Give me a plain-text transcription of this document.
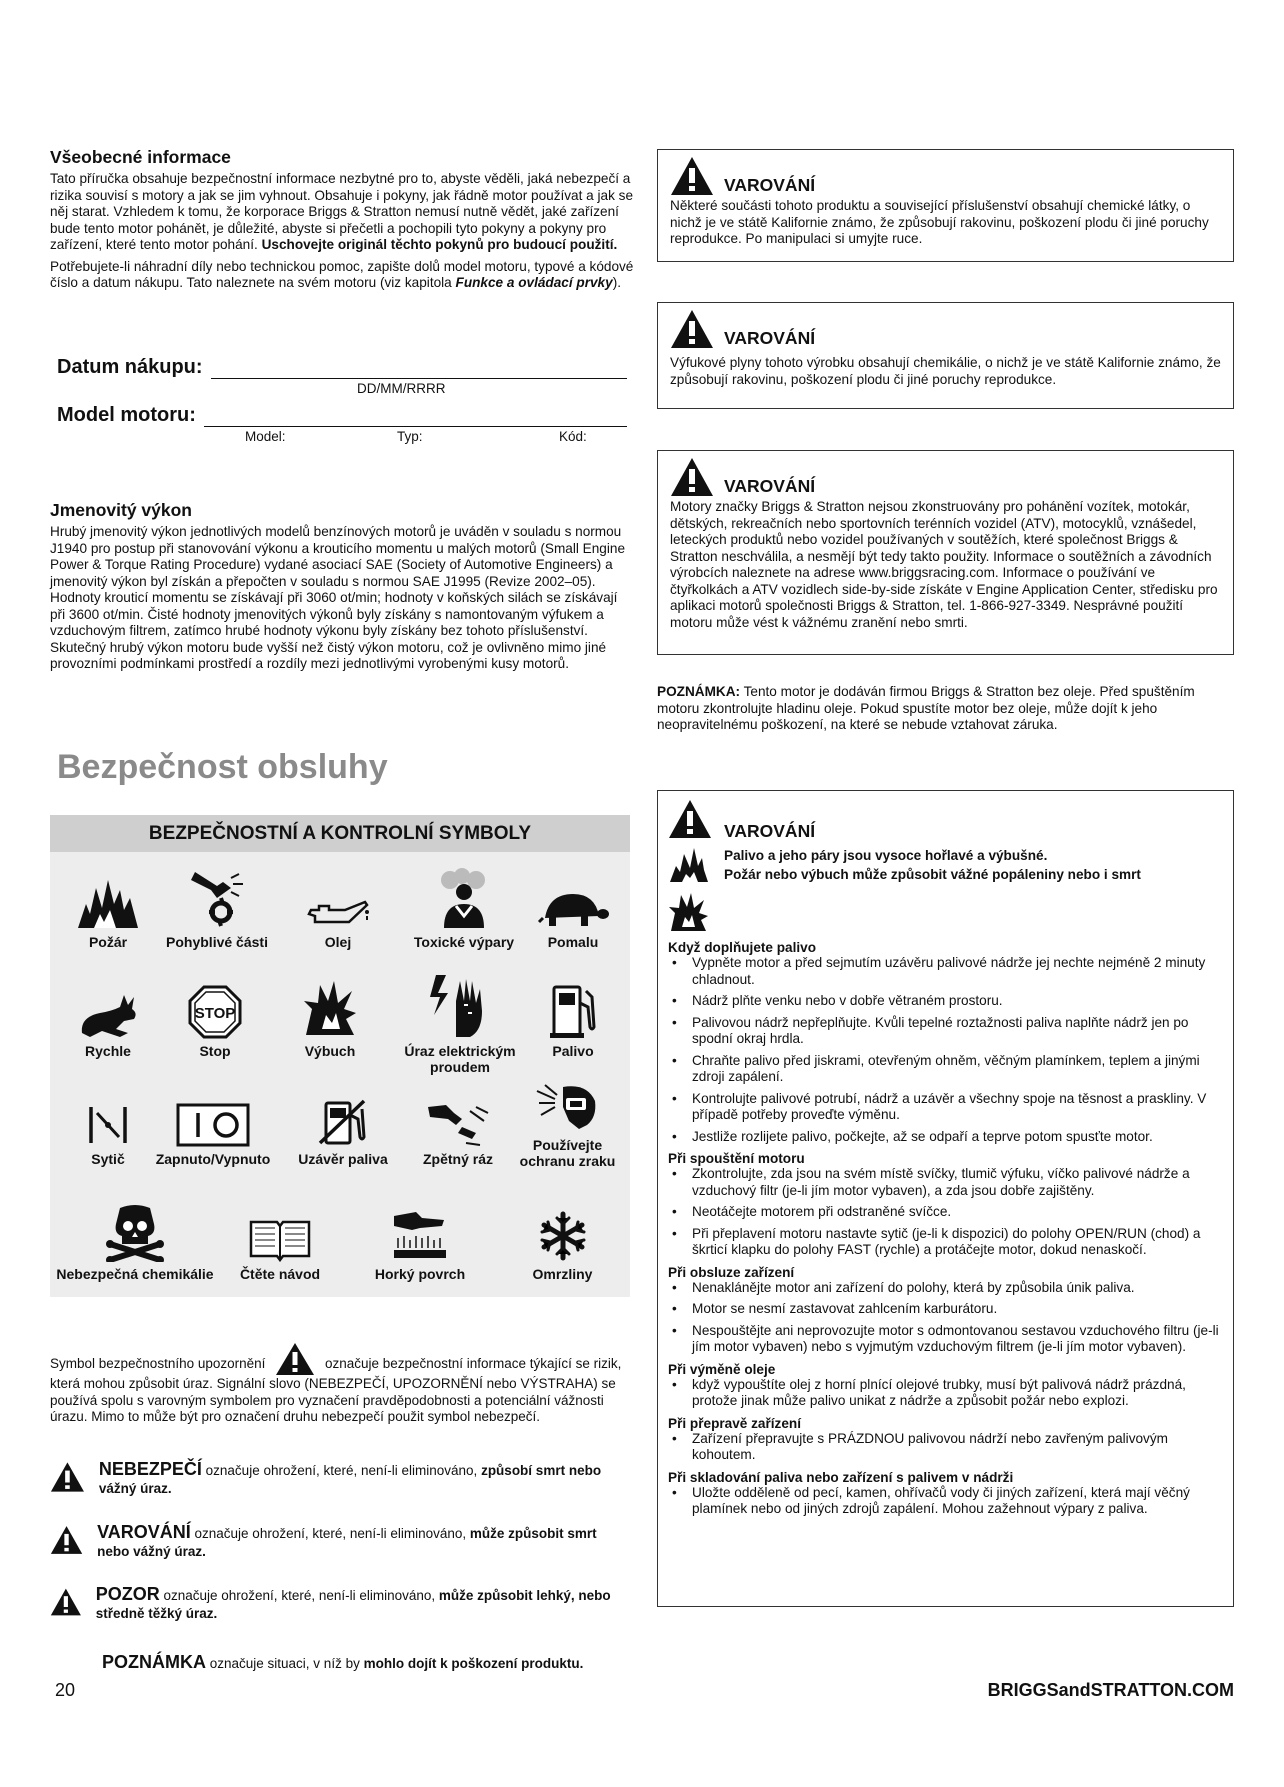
Všeobecné informace

Tato příručka obsahuje bezpečnostní informace nezbytné pro to, abyste věděli, jaká nebezpečí a rizika souvisí s motory a jak se jim vyhnout. Obsahuje i pokyny, jak řádně motor používat a jak se něj starat. Vzhledem k tomu, že korporace Briggs & Stratton nemusí nutně vědět, jaké zařízení bude tento motor pohánět, je důležité, abyste si přečetli a pochopili tyto pokyny a pokyny pro zařízení, které tento motor pohání. Uschovejte originál těchto pokynů pro budoucí použití.

Potřebujete-li náhradní díly nebo technickou pomoc, zapište dolů model motoru, typové a kódové číslo a datum nákupu. Tato naleznete na svém motoru (viz kapitola Funkce a ovládací prvky).

Datum nákupu:
DD/MM/RRRR
Model motoru:
Model:	Typ:	Kód:
Jmenovitý výkon

Hrubý jmenovitý výkon jednotlivých modelů benzínových motorů je uváděn v souladu s normou J1940 pro postup při stanovování výkonu a krouticího momentu u malých motorů (Small Engine Power & Torque Rating Procedure) vydané asociací SAE (Society of Automotive Engineers) a jmenovitý výkon byl získán a přepočten v souladu s normou SAE J1995 (Revize 2002–05). Hodnoty krouticí momentu se získávají při 3060 ot/min; hodnoty v koňských silách se získávají při 3600 ot/min. Čisté hodnoty jmenovitých výkonů byly získány s namontovaným výfukem a vzduchovým filtrem, zatímco hrubé hodnoty výkonu byly získány bez tohoto příslušenství. Skutečný hrubý výkon motoru bude vyšší než čistý výkon motoru, což je ovlivněno mimo jiné provozními podmínkami prostředí a rozdíly mezi jednotlivými vyrobenými kusy motorů.

Bezpečnost obsluhy
BEZPEČNOSTNÍ A KONTROLNÍ SYMBOLY
Požár	Pohyblivé části	Olej	Toxické výpary	Pomalu
Rychle
STOP
Stop	Výbuch	Úraz elektrickým proudem
Palivo
Sytič	Zapnuto/Vypnuto	Uzávěr paliva	Zpětný ráz
Používejte ochranu zraku
Nebezpečná chemikálie	Čtěte návod	Horký povrch	Omrzliny
Symbol bezpečnostního upozornění	označuje bezpečnostní informace týkající se rizik, která mohou způsobit úraz. Signální slovo (NEBEZPEČÍ, UPOZORNĚNÍ nebo VÝSTRAHA) se používá spolu s varovným symbolem pro vyznačení pravděpodobnosti a potenciální vážnosti úrazu. Mimo to může být pro označení druhu nebezpečí použit symbol nebezpečí.
NEBEZPEČÍ označuje ohrožení, které, není-li eliminováno, způsobí smrt nebo vážný úraz.
VAROVÁNÍ označuje ohrožení, které, není-li eliminováno, může způsobit smrt nebo vážný úraz.
POZOR označuje ohrožení, které, není-li eliminováno, může způsobit lehký, nebo středně těžký úraz.
POZNÁMKA označuje situaci, v níž by mohlo dojít k poškození produktu.
VAROVÁNÍ
Některé součásti tohoto produktu a související příslušenství obsahují chemické látky, o nichž je ve státě Kalifornie známo, že způsobují rakovinu, poškození plodu či jiné poruchy reprodukce. Po manipulaci si umyjte ruce.
VAROVÁNÍ
Výfukové plyny tohoto výrobku obsahují chemikálie, o nichž je ve státě Kalifornie známo, že způsobují rakovinu, poškození plodu či jiné poruchy reprodukce.
VAROVÁNÍ
Motory značky Briggs & Stratton nejsou zkonstruovány pro pohánění vozítek, motokár, dětských, rekreačních nebo sportovních terénních vozidel (ATV), motocyklů, vznášedel, leteckých produktů nebo vozidel používaných v soutěžích, které společnost Briggs & Stratton neschválila, a nesmějí být tedy takto použity. Informace o soutěžních a závodních výrobcích naleznete na adrese www.briggsracing.com. Informace o používání ve čtyřkolkách a ATV vozidlech side-by-side získáte v Engine Application Center, středisku pro aplikaci motorů společnosti Briggs & Stratton, tel. 1-866-927-3349. Nesprávné použití motoru může vést k vážnému zranění nebo smrti.
POZNÁMKA: Tento motor je dodáván firmou Briggs & Stratton bez oleje. Před spuštěním motoru zkontrolujte hladinu oleje. Pokud spustíte motor bez oleje, může dojít k jeho neopravitelnému poškození, na které se nebude vztahovat záruka.

VAROVÁNÍ
Palivo a jeho páry jsou vysoce hořlavé a výbušné.
Požár nebo výbuch může způsobit vážné popáleniny nebo i smrt
Když doplňujete palivo
• Vypněte motor a před sejmutím uzávěru palivové nádrže jej nechte nejméně 2 minuty chladnout.
• Nádrž plňte venku nebo v dobře větraném prostoru.
• Palivovou nádrž nepřeplňujte. Kvůli tepelné roztažnosti paliva naplňte nádrž jen po spodní okraj hrdla.
• Chraňte palivo před jiskrami, otevřeným ohněm, věčným plamínkem, teplem a jinými zdroji zapálení.
• Kontrolujte palivové potrubí, nádrž a uzávěr a všechny spoje na těsnost a praskliny. V případě potřeby proveďte výměnu.
• Jestliže rozlijete palivo, počkejte, až se odpaří a teprve potom spusťte motor.
Při spouštění motoru
• Zkontrolujte, zda jsou na svém místě svíčky, tlumič výfuku, víčko palivové nádrže a vzduchový filtr (je-li jím motor vybaven), a zda jsou dobře zajištěny.
• Neotáčejte motorem při odstraněné svíčce.
• Při přeplavení motoru nastavte sytič (je-li k dispozici) do polohy OPEN/RUN (chod) a škrticí klapku do polohy FAST (rychle) a protáčejte motor, dokud nenaskočí.
Při obsluze zařízení
• Nenaklánějte motor ani zařízení do polohy, která by způsobila únik paliva.
• Motor se nesmí zastavovat zahlcením karburátoru.
• Nespouštějte ani neprovozujte motor s odmontovanou sestavou vzduchového filtru (je-li jím motor vybaven) nebo s vyjmutým vzduchovým filtrem (je-li jím motor vybaven).
Při výměně oleje
• když vypouštíte olej z horní plnící olejové trubky, musí být palivová nádrž prázdná, protože jinak může palivo unikat z nádrže a způsobit požár nebo explozi.
Při přepravě zařízení
• Zařízení přepravujte s PRÁZDNOU palivovou nádrží nebo zavřeným palivovým kohoutem.
Při skladování paliva nebo zařízení s palivem v nádrži
• Uložte odděleně od pecí, kamen, ohřívačů vody či jiných zařízení, která mají věčný plamínek nebo od jiných zdrojů zapálení. Mohou zažehnout výpary z paliva.
20	BRIGGSandSTRATTON.COM
